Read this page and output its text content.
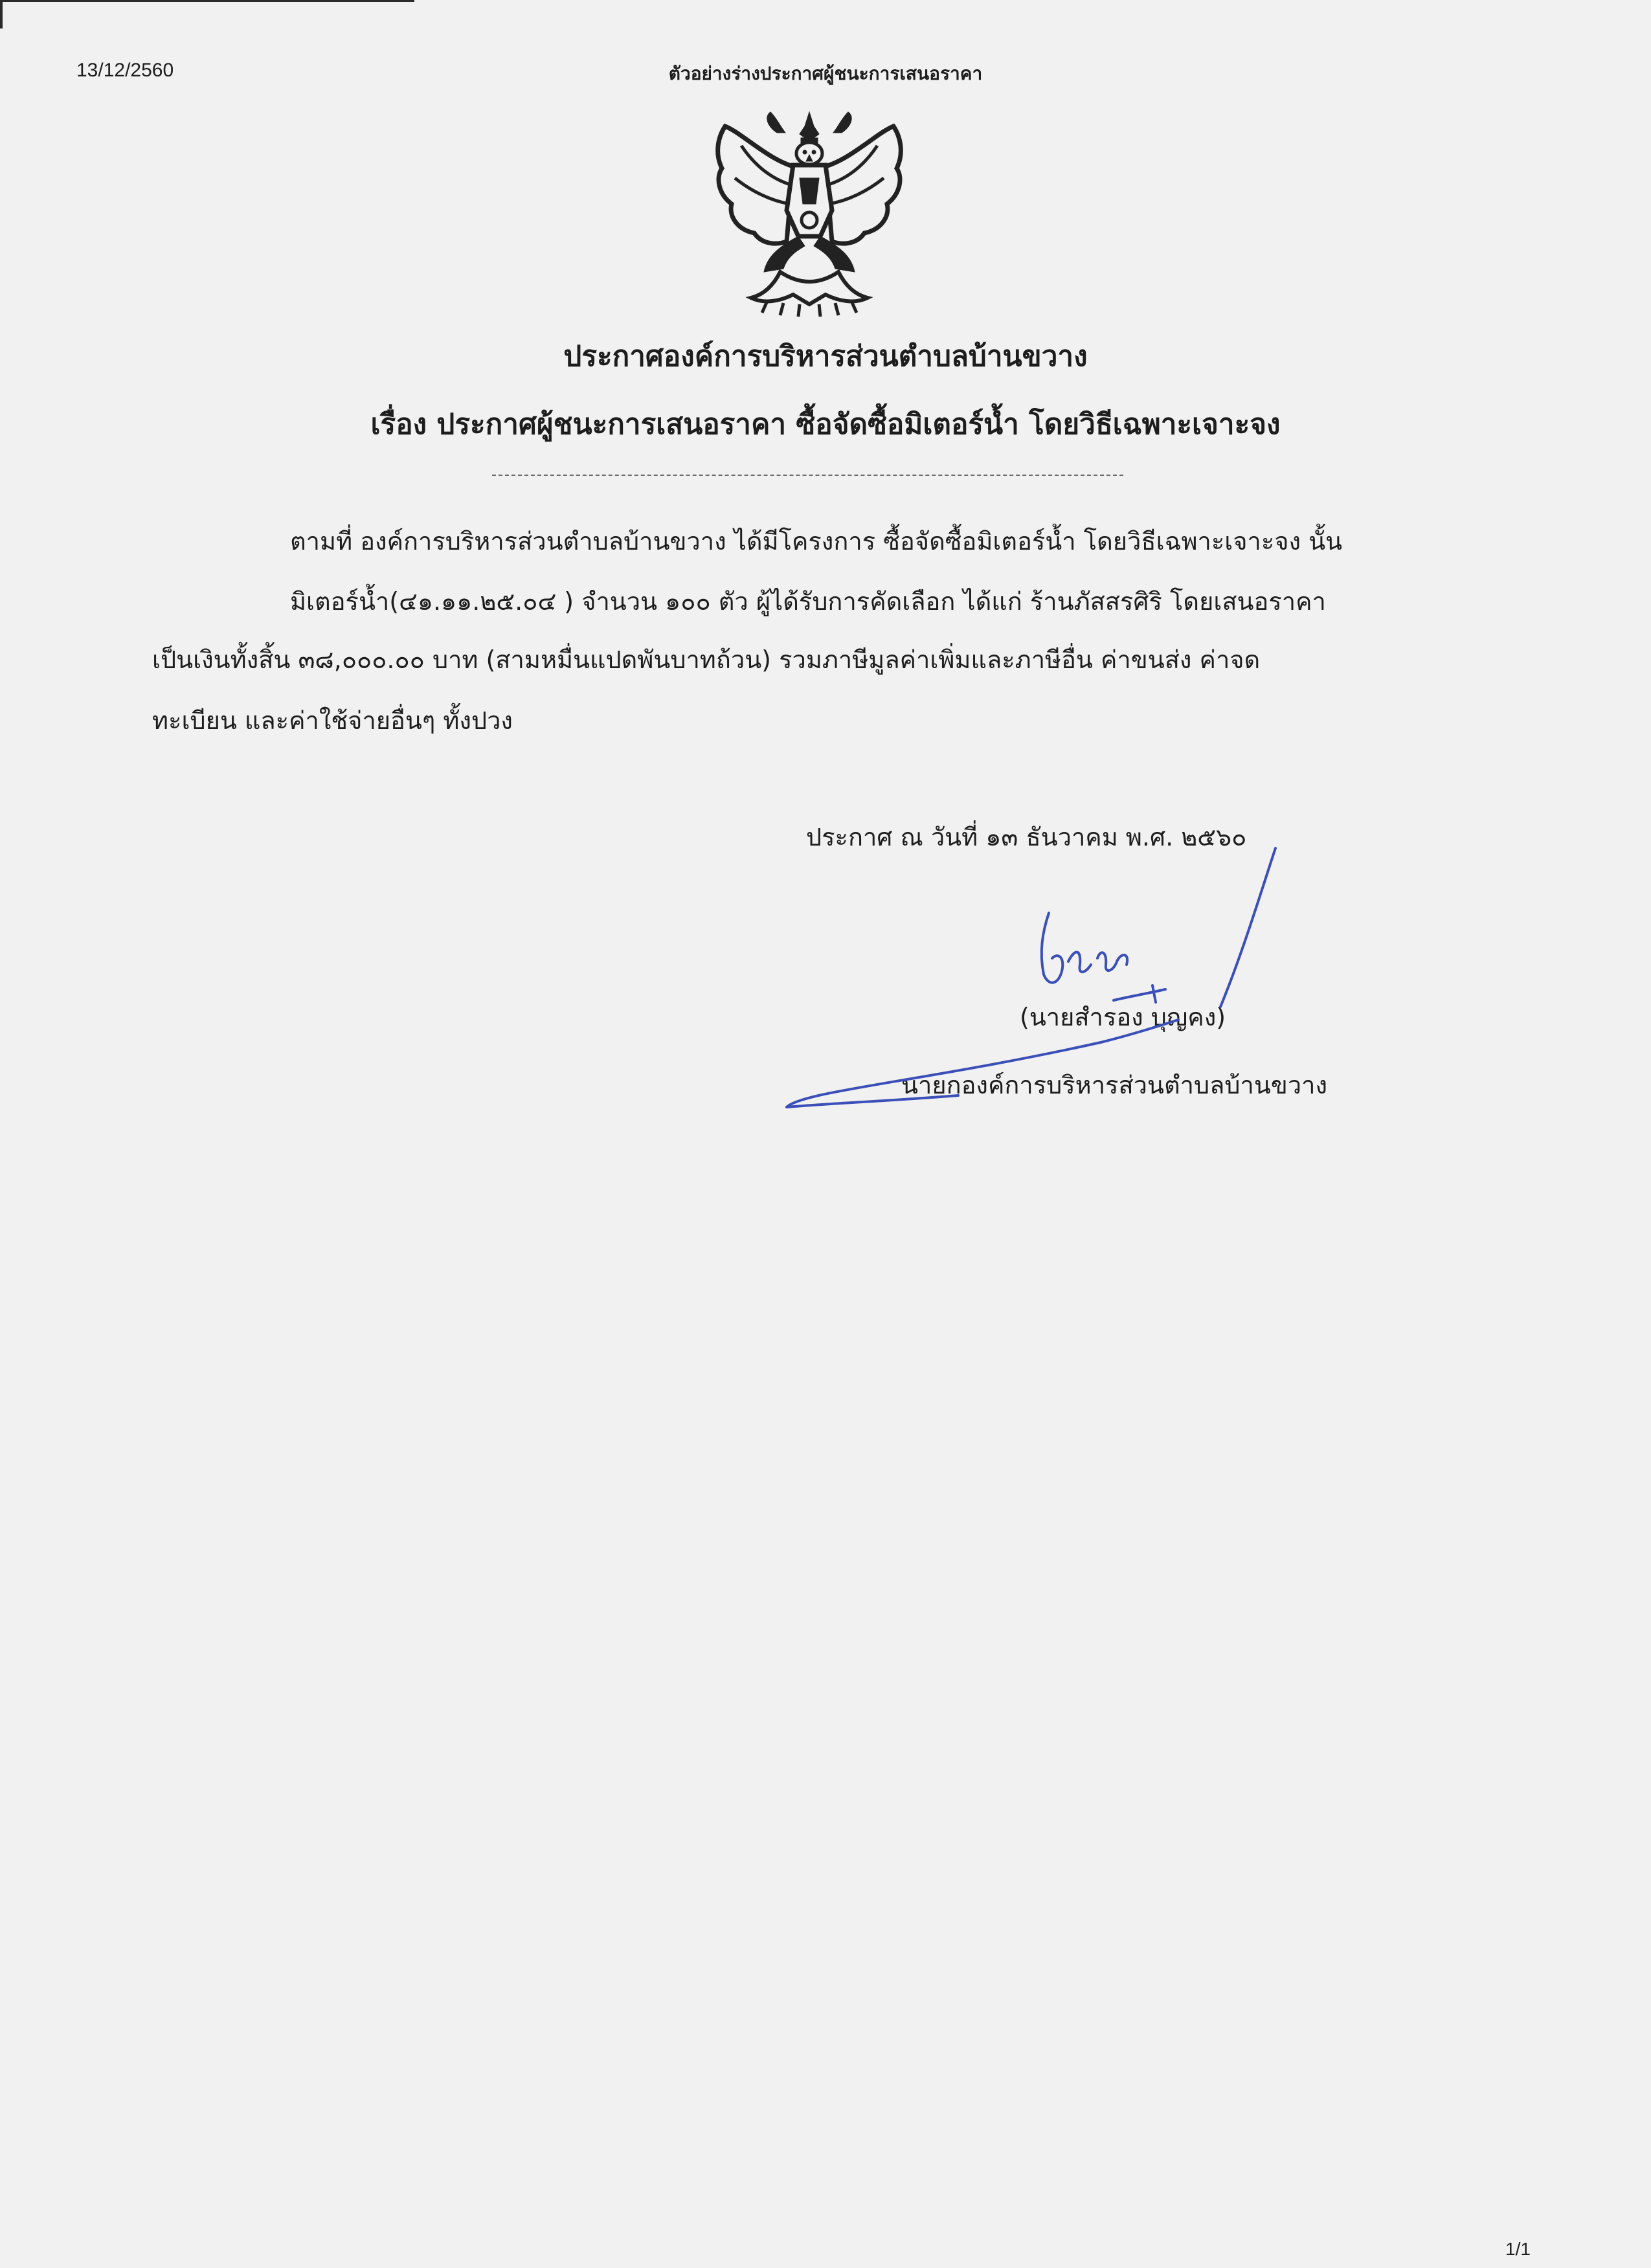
13/12/2560	ตัวอย่างร่างประกาศผู้ชนะการเสนอราคา
ประกาศองค์การบริหารส่วนตำบลบ้านขวาง
เรื่อง ประกาศผู้ชนะการเสนอราคา ซื้อจัดซื้อมิเตอร์น้ำ โดยวิธีเฉพาะเจาะจง
ตามที่ องค์การบริหารส่วนตำบลบ้านขวาง ได้มีโครงการ ซื้อจัดซื้อมิเตอร์น้ำ โดยวิธีเฉพาะเจาะจง นั้น
มิเตอร์น้ำ(๔๑.๑๑.๒๕.๐๔ ) จำนวน ๑๐๐ ตัว ผู้ได้รับการคัดเลือก ได้แก่ ร้านภัสสรศิริ โดยเสนอราคา
เป็นเงินทั้งสิ้น ๓๘,๐๐๐.๐๐ บาท (สามหมื่นแปดพันบาทถ้วน) รวมภาษีมูลค่าเพิ่มและภาษีอื่น ค่าขนส่ง ค่าจด
ทะเบียน และค่าใช้จ่ายอื่นๆ ทั้งปวง
ประกาศ ณ วันที่ ๑๓ ธันวาคม พ.ศ. ๒๕๖๐
(นายสำรอง บุญคง)
นายกองค์การบริหารส่วนตำบลบ้านขวาง
1/1
